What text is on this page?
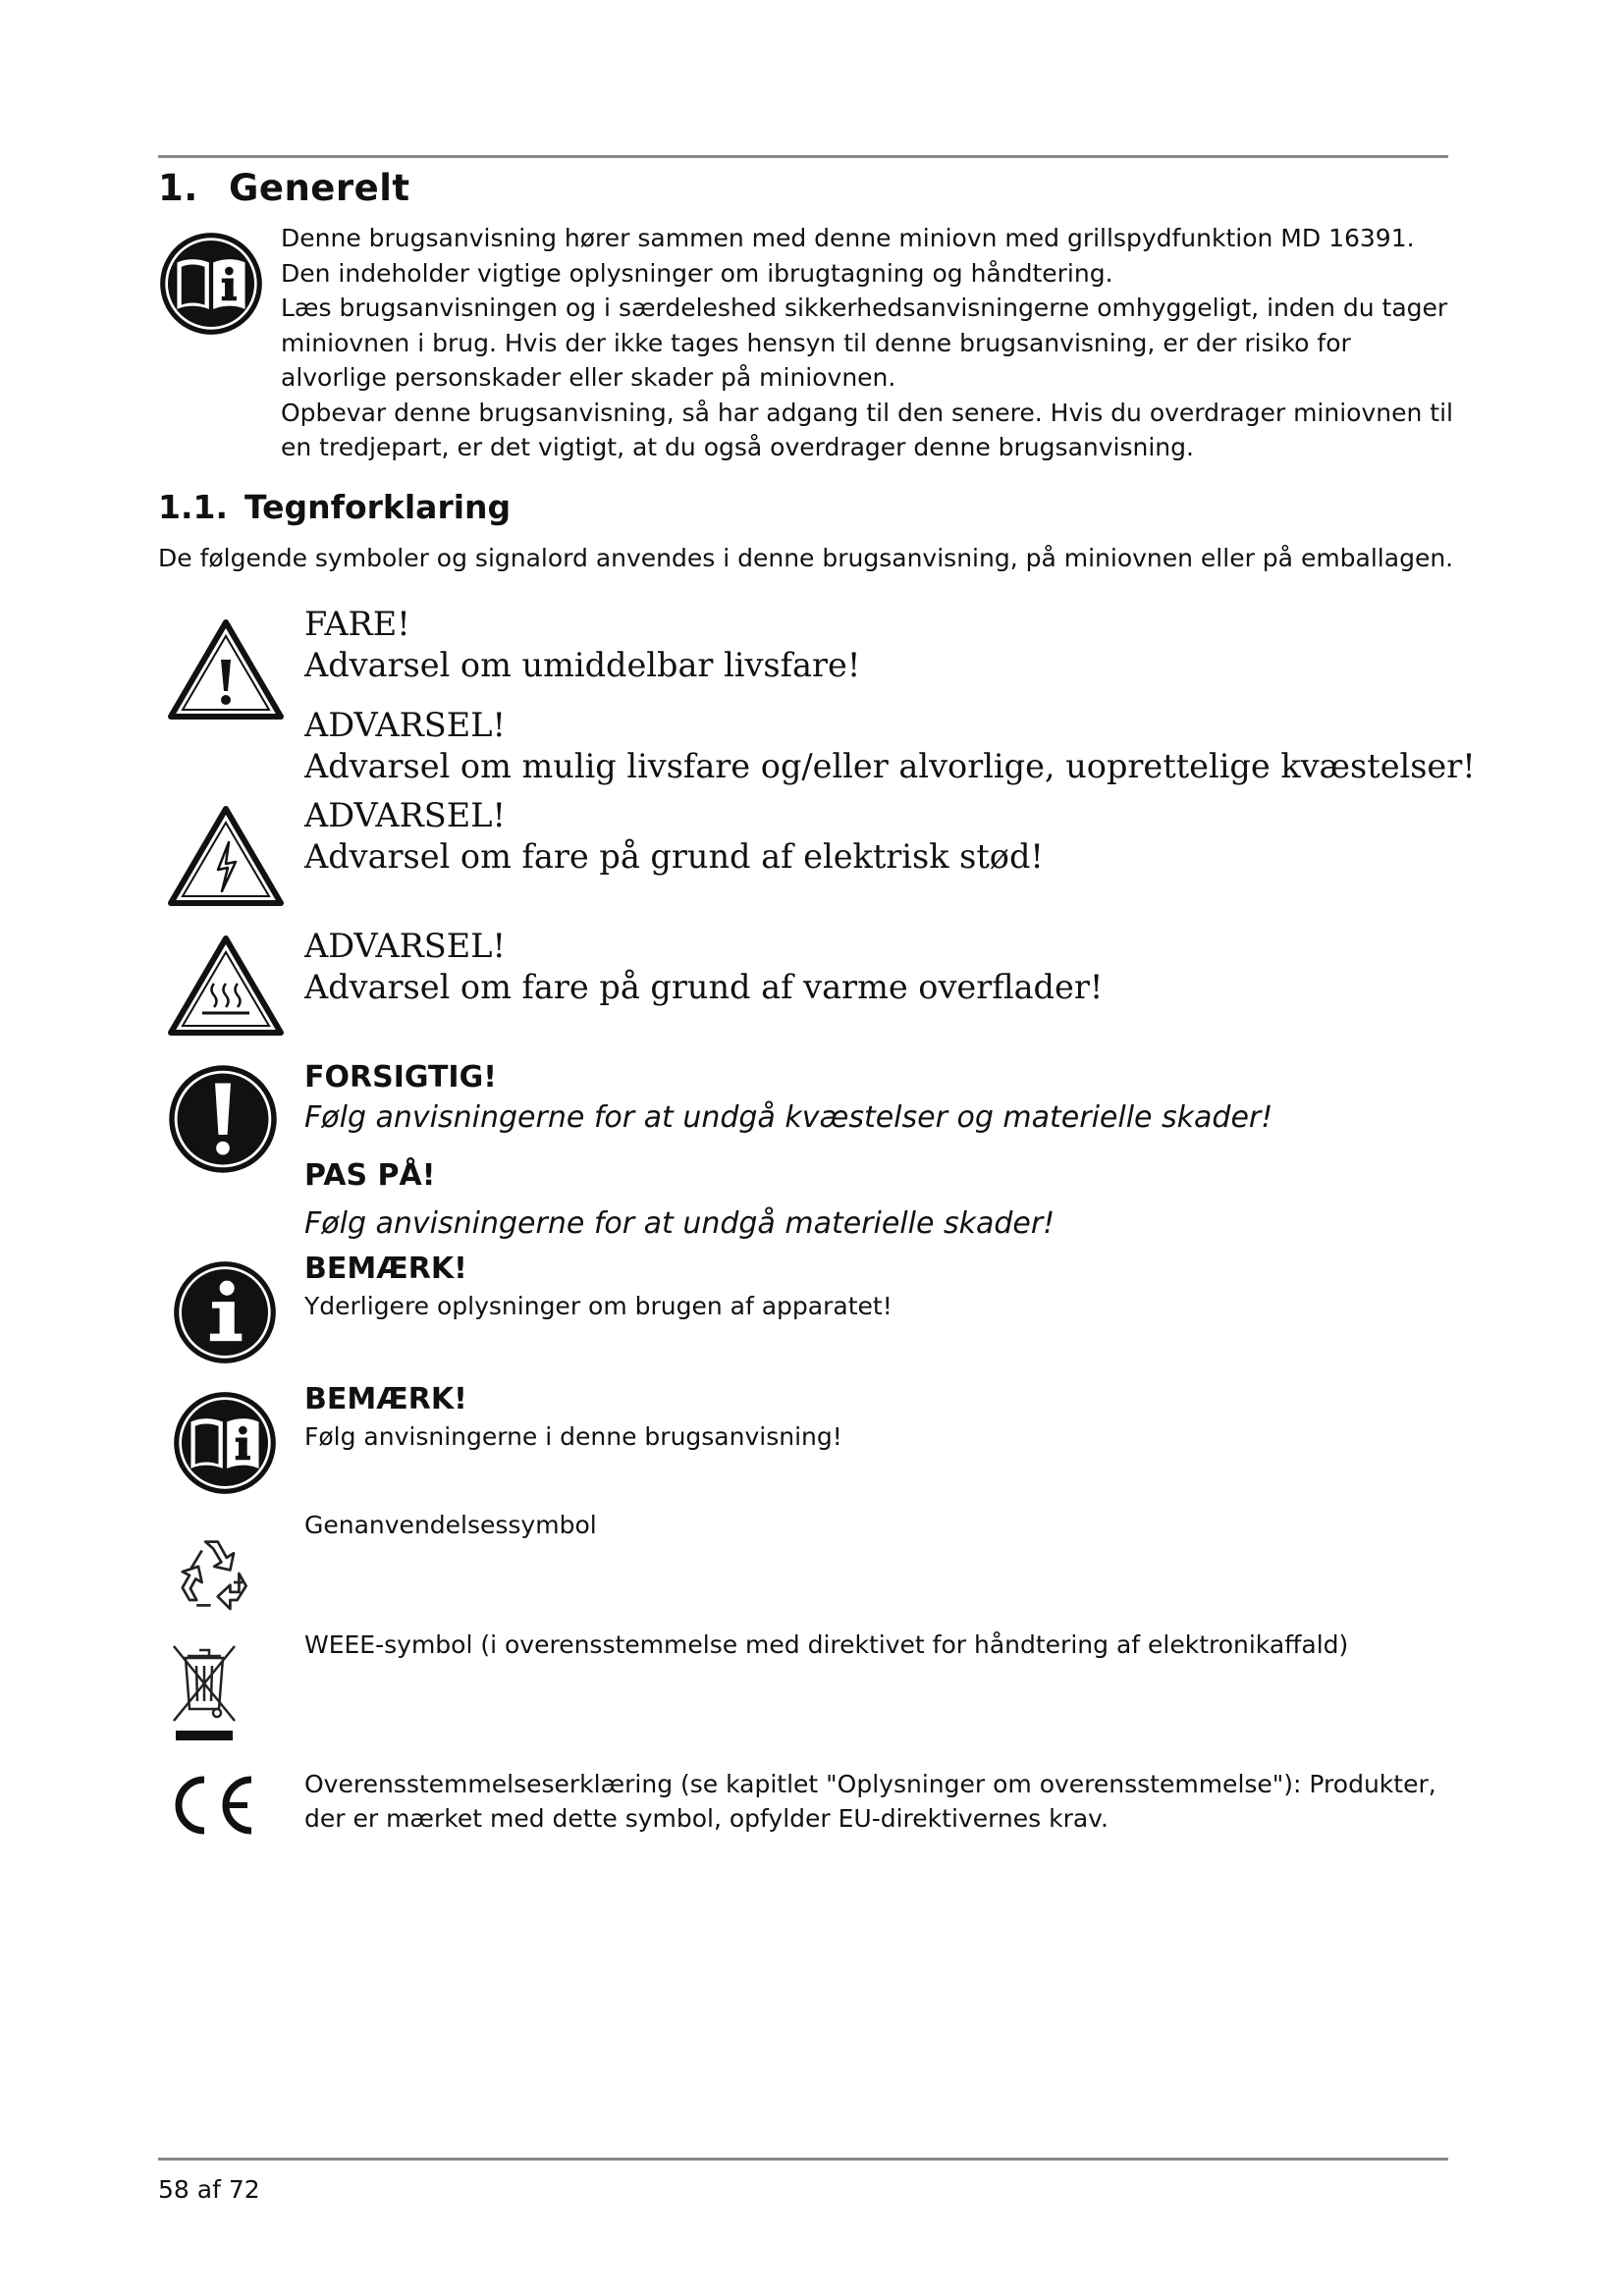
1. Generelt

Denne brugsanvisning hører sammen med denne miniovn med grillspydfunktion MD 16391. Den indeholder vigtige oplysninger om ibrugtagning og håndtering.

Læs brugsanvisningen og i særdeleshed sikkerhedsanvisningerne omhyggeligt, inden du tager miniovnen i brug. Hvis der ikke tages hensyn til denne brugsanvisning, er der risiko for alvorlige personskader eller skader på miniovnen.

Opbevar denne brugsanvisning, så har adgang til den senere. Hvis du overdrager miniovnen til en tredjepart, er det vigtigt, at du også overdrager denne brugsanvisning.

1.1. Tegnforklaring
De følgende symboler og signalord anvendes i denne brugsanvisning, på miniovnen eller på emballagen.
FARE!
Advarsel om umiddelbar livsfare!
ADVARSEL!
Advarsel om mulig livsfare og/eller alvorlige, uoprettelige kvæstelser!
ADVARSEL!
Advarsel om fare på grund af elektrisk stød!
ADVARSEL!
Advarsel om fare på grund af varme overflader!
FORSIGTIG!
Følg anvisningerne for at undgå kvæstelser og materielle skader!
PAS PÅ!
Følg anvisningerne for at undgå materielle skader!
BEMÆRK!
Yderligere oplysninger om brugen af apparatet!
BEMÆRK!
Følg anvisningerne i denne brugsanvisning!
Genanvendelsessymbol
WEEE-symbol (i overensstemmelse med direktivet for håndtering af elektronikaffald)
Overensstemmelseserklæring (se kapitlet "Oplysninger om overensstemmelse"): Produkter, der er mærket med dette symbol, opfylder EU-direktivernes krav.
58 af 72
